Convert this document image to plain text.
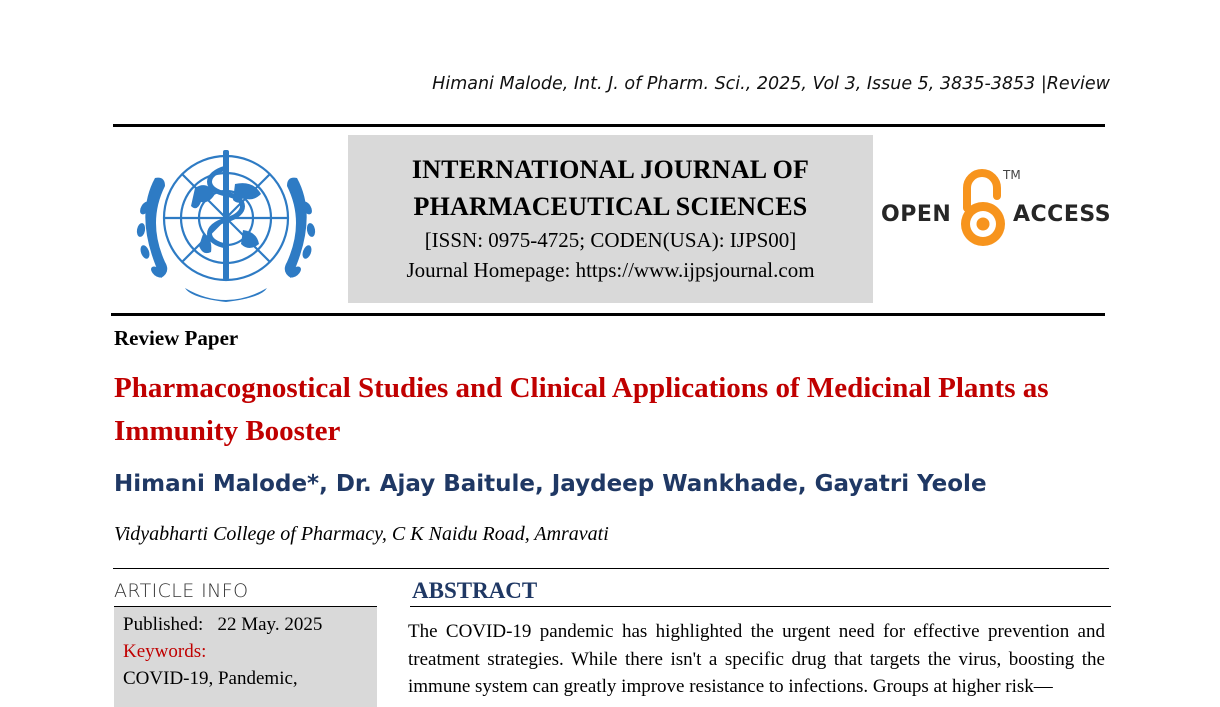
Himani Malode, Int. J. of Pharm. Sci., 2025, Vol 3, Issue 5, 3835-3853 |Review
INTERNATIONAL JOURNAL OF
PHARMACEUTICAL SCIENCES
[ISSN: 0975-4725; CODEN(USA): IJPS00]
Journal Homepage: https://www.ijpsjournal.com
OPEN
TM
ACCESS
Review Paper
Pharmacognostical Studies and Clinical Applications of Medicinal Plants as Immunity Booster
Himani Malode*, Dr. Ajay Baitule, Jaydeep Wankhade, Gayatri Yeole
Vidyabharti College of Pharmacy, C K Naidu Road, Amravati
ARTICLE INFO
Published: 22 May. 2025
Keywords:
COVID-19, Pandemic,
ABSTRACT
The COVID-19 pandemic has highlighted the urgent need for effective prevention and treatment strategies. While there isn't a specific drug that targets the virus, boosting the immune system can greatly improve resistance to infections. Groups at higher risk—
